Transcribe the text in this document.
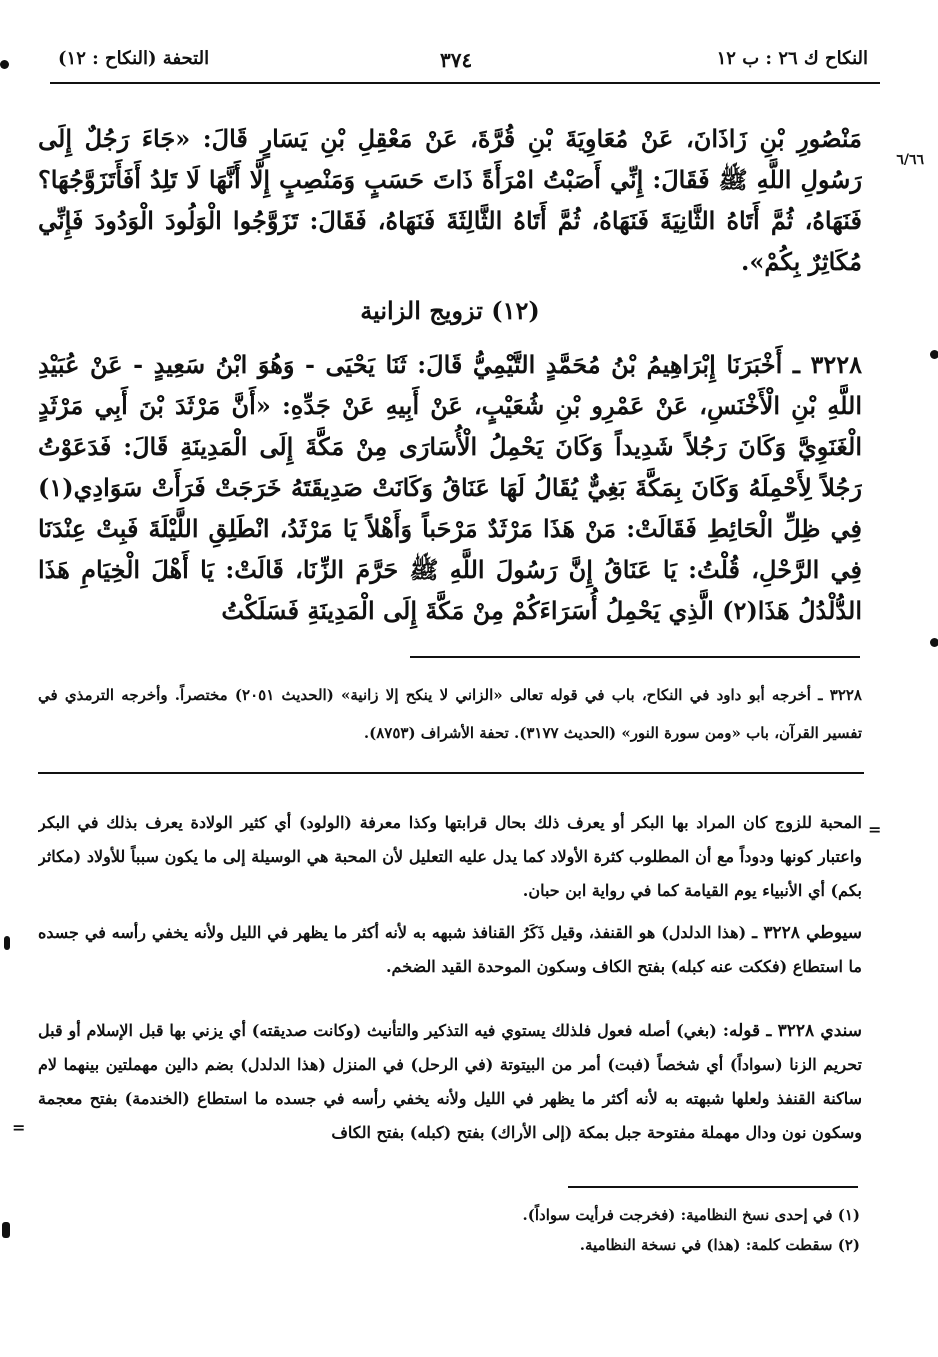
النكاح ك ٢٦ : ب ١٢
٣٧٤
التحفة (النكاح : ١٢)
٦/٦٦
مَنْصُورِ بْنِ زَاذَانَ، عَنْ مُعَاوِيَةَ بْنِ قُرَّةَ، عَنْ مَعْقِلِ بْنِ يَسَارٍ قَالَ: «جَاءَ رَجُلٌ إِلَى رَسُولِ اللَّهِ ﷺ فَقَالَ: إِنِّي أَصَبْتُ امْرَأَةً ذَاتَ حَسَبٍ وَمَنْصِبٍ إِلَّا أَنَّهَا لَا تَلِدُ أَفَأَتَزَوَّجُهَا؟ فَنَهَاهُ، ثُمَّ أَتَاهُ الثَّانِيَةَ فَنَهَاهُ، ثُمَّ أَتَاهُ الثَّالِثَةَ فَنَهَاهُ، فَقَالَ: تَزَوَّجُوا الْوَلُودَ الْوَدُودَ فَإِنِّي مُكَاثِرٌ بِكُمْ».
(١٢) تزويج الزانية
٣٢٢٨ ـ أَخْبَرَنَا إِبْرَاهِيمُ بْنُ مُحَمَّدٍ التَّيْمِيُّ قَالَ: ثَنَا يَحْيَى - وَهُوَ ابْنُ سَعِيدٍ - عَنْ عُبَيْدِ اللَّهِ بْنِ الْأَخْنَسِ، عَنْ عَمْرِو بْنِ شُعَيْبٍ، عَنْ أَبِيهِ عَنْ جَدِّهِ: «أَنَّ مَرْثَدَ بْنَ أَبِي مَرْثَدٍ الْغَنَوِيَّ وَكَانَ رَجُلاً شَدِيداً وَكَانَ يَحْمِلُ الْأُسَارَى مِنْ مَكَّةَ إِلَى الْمَدِينَةِ قَالَ: فَدَعَوْتُ رَجُلاً لِأَحْمِلَهُ وَكَانَ بِمَكَّةَ بَغِيٌّ يُقَالُ لَهَا عَنَاقُ وَكَانَتْ صَدِيقَتَهُ خَرَجَتْ فَرَأَتْ سَوَادِي(١) فِي ظِلِّ الْحَائِطِ فَقَالَتْ: مَنْ هَذَا مَرْثَدٌ مَرْحَباً وَأَهْلاً يَا مَرْثَدُ، انْطَلِقِ اللَّيْلَةَ فَبِتْ عِنْدَنَا فِي الرَّحْلِ، قُلْتُ: يَا عَنَاقُ إِنَّ رَسُولَ اللَّهِ ﷺ حَرَّمَ الزِّنَا، قَالَتْ: يَا أَهْلَ الْخِيَامِ هَذَا الدُّلْدُلُ هَذَا(٢) الَّذِي يَحْمِلُ أُسَرَاءَكُمْ مِنْ مَكَّةَ إِلَى الْمَدِينَةِ فَسَلَكْتُ
٣٢٢٨ ـ أخرجه أبو داود في النكاح، باب في قوله تعالى «الزاني لا ينكح إلا زانية» (الحديث ٢٠٥١) مختصراً. وأخرجه الترمذي في تفسير القرآن، باب «ومن سورة النور» (الحديث ٣١٧٧). تحفة الأشراف (٨٧٥٣).
=
المحبة للزوج كان المراد بها البكر أو يعرف ذلك بحال قرابتها وكذا معرفة (الولود) أي كثير الولادة يعرف بذلك في البكر واعتبار كونها ودوداً مع أن المطلوب كثرة الأولاد كما يدل عليه التعليل لأن المحبة هي الوسيلة إلى ما يكون سبباً للأولاد (مكاثر بكم) أي الأنبياء يوم القيامة كما في رواية ابن حبان.
سيوطي ٣٢٢٨ ـ (هذا الدلدل) هو القنفذ، وقيل ذَكَرُ القنافذ شبهه به لأنه أكثر ما يظهر في الليل ولأنه يخفي رأسه في جسده ما استطاع (فككت عنه كبله) بفتح الكاف وسكون الموحدة القيد الضخم.
سندي ٣٢٢٨ ـ قوله: (بغي) أصله فعول فلذلك يستوي فيه التذكير والتأنيث (وكانت صديقته) أي يزني بها قبل الإسلام أو قبل تحريم الزنا (سواداً) أي شخصاً (فبت) أمر من البيتوتة (في الرحل) في المنزل (هذا الدلدل) بضم دالين مهملتين بينهما لام ساكنة القنفذ ولعلها شبهته به لأنه أكثر ما يظهر في الليل ولأنه يخفي رأسه في جسده ما استطاع (الخندمة) بفتح معجمة وسكون نون ودال مهملة مفتوحة جبل بمكة (إلى الأراك) بفتح (كبله) بفتح الكاف
=
(١) في إحدى نسخ النظامية: (فخرجت فرأيت سواداً).
(٢) سقطت كلمة: (هذا) في نسخة النظامية.
